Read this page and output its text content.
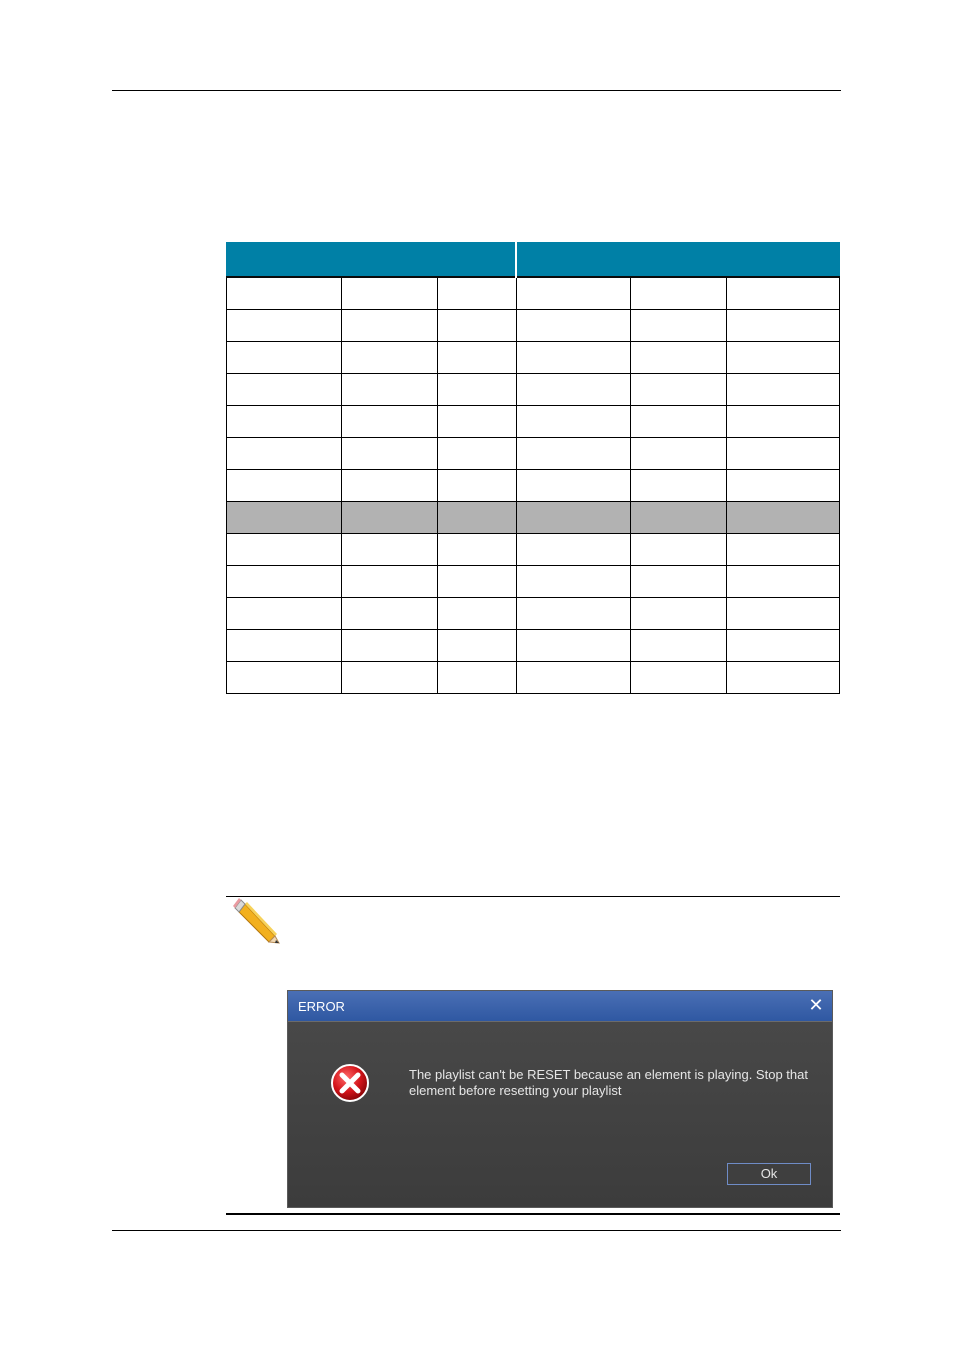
ERROR	✕
The playlist can't be RESET because an element is playing. Stop that element before resetting your playlist
Ok
